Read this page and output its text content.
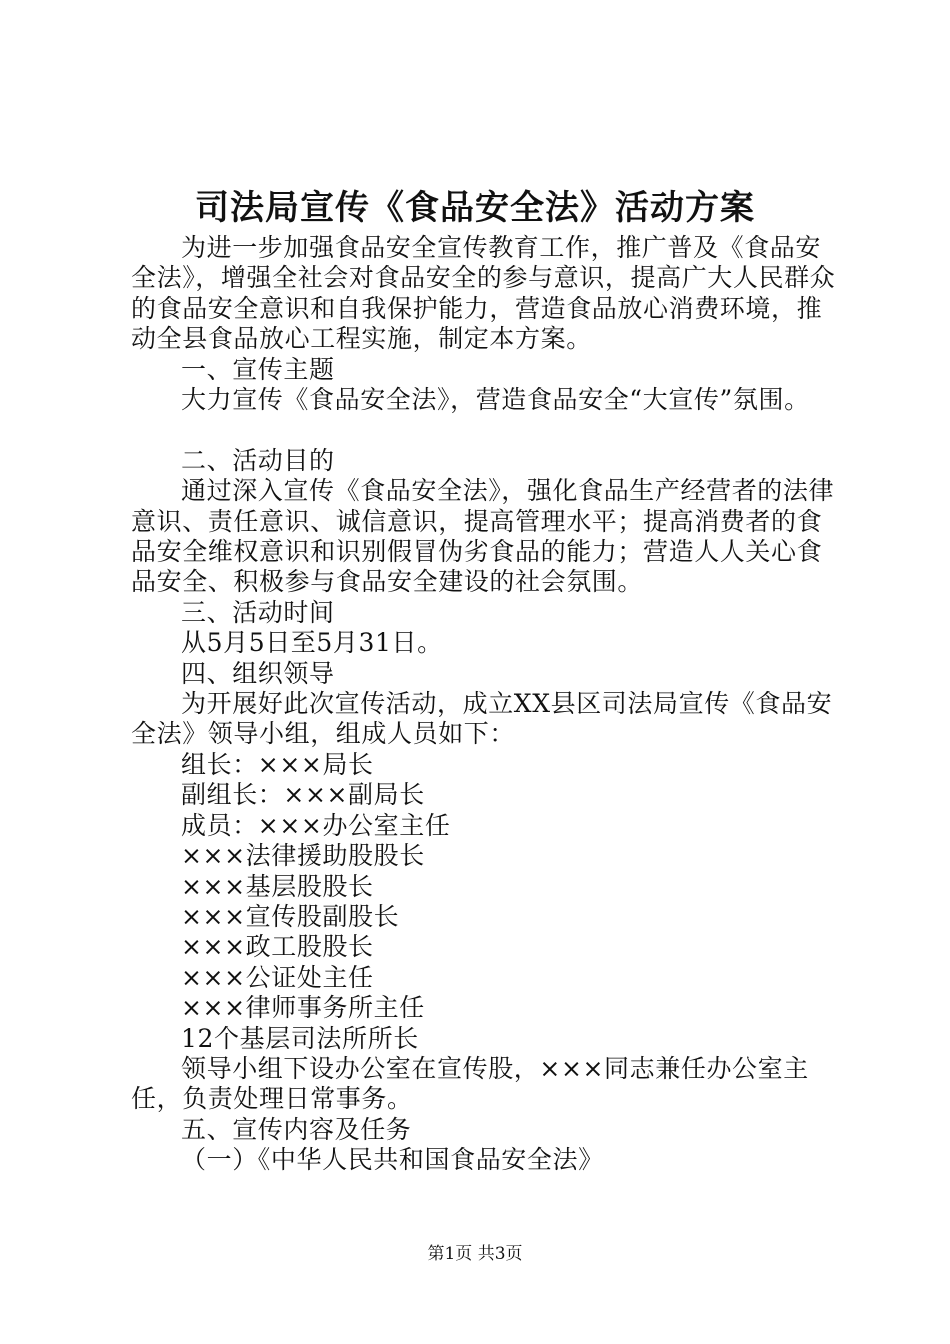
司法局宣传《食品安全法》活动方案

为进一步加强食品安全宣传教育工作，推广普及《食品安全法》，增强全社会对食品安全的参与意识，提高广大人民群众的食品安全意识和自我保护能力，营造食品放心消费环境，推动全县食品放心工程实施，制定本方案。

一、宣传主题

大力宣传《食品安全法》，营造食品安全“大宣传”氛围。

二、活动目的

通过深入宣传《食品安全法》，强化食品生产经营者的法律意识、责任意识、诚信意识，提高管理水平；提高消费者的食品安全维权意识和识别假冒伪劣食品的能力；营造人人关心食品安全、积极参与食品安全建设的社会氛围。

三、活动时间

从5月5日至5月31日。

四、组织领导

为开展好此次宣传活动，成立XX县区司法局宣传《食品安全法》领导小组，组成人员如下：

组长：×××局长

副组长：×××副局长

成员：×××办公室主任

×××法律援助股股长

×××基层股股长

×××宣传股副股长

×××政工股股长

×××公证处主任

×××律师事务所主任

12个基层司法所所长

领导小组下设办公室在宣传股，×××同志兼任办公室主任，负责处理日常事务。

五、宣传内容及任务

（一）《中华人民共和国食品安全法》

第1页 共3页
